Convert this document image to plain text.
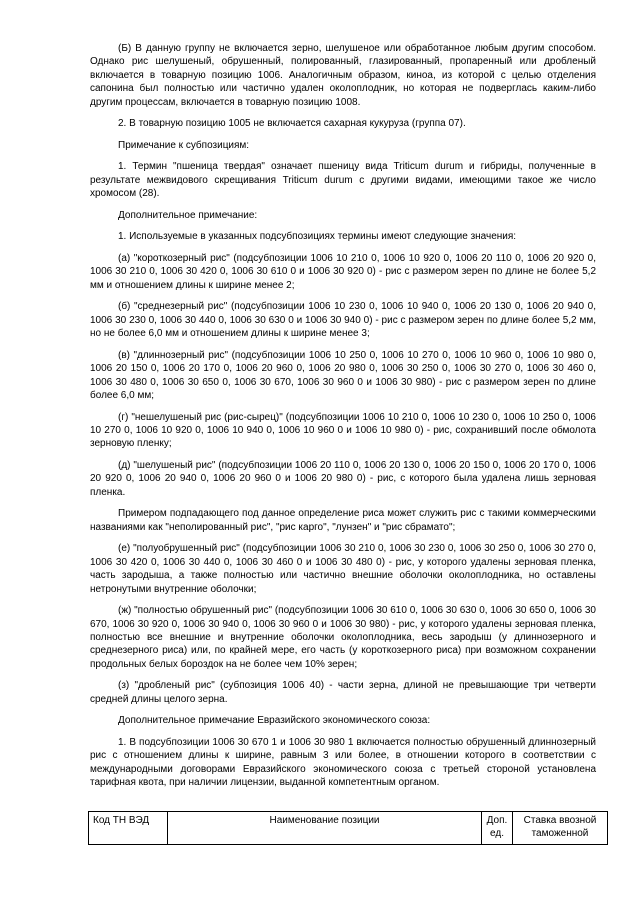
(Б) В данную группу не включается зерно, шелушеное или обработанное любым другим способом. Однако рис шелушеный, обрушенный, полированный, глазированный, пропаренный или дробленый включается в товарную позицию 1006. Аналогичным образом, киноа, из которой с целью отделения сапонина был полностью или частично удален околоплодник, но которая не подверглась каким-либо другим процессам, включается в товарную позицию 1008.

2. В товарную позицию 1005 не включается сахарная кукуруза (группа 07).

Примечание к субпозициям:

1. Термин "пшеница твердая" означает пшеницу вида Triticum durum и гибриды, полученные в результате межвидового скрещивания Triticum durum с другими видами, имеющими такое же число хромосом (28).

Дополнительное примечание:

1. Используемые в указанных подсубпозициях термины имеют следующие значения:

(а) "короткозерный рис" (подсубпозиции 1006 10 210 0, 1006 10 920 0, 1006 20 110 0, 1006 20 920 0, 1006 30 210 0, 1006 30 420 0, 1006 30 610 0 и 1006 30 920 0) - рис с размером зерен по длине не более 5,2 мм и отношением длины к ширине менее 2;

(б) "среднезерный рис" (подсубпозиции 1006 10 230 0, 1006 10 940 0, 1006 20 130 0, 1006 20 940 0, 1006 30 230 0, 1006 30 440 0, 1006 30 630 0 и 1006 30 940 0) - рис с размером зерен по длине более 5,2 мм, но не более 6,0 мм и отношением длины к ширине менее 3;

(в) "длиннозерный рис" (подсубпозиции 1006 10 250 0, 1006 10 270 0, 1006 10 960 0, 1006 10 980 0, 1006 20 150 0, 1006 20 170 0, 1006 20 960 0, 1006 20 980 0, 1006 30 250 0, 1006 30 270 0, 1006 30 460 0, 1006 30 480 0, 1006 30 650 0, 1006 30 670, 1006 30 960 0 и 1006 30 980) - рис с размером зерен по длине более 6,0 мм;

(г) "нешелушеный рис (рис-сырец)" (подсубпозиции 1006 10 210 0, 1006 10 230 0, 1006 10 250 0, 1006 10 270 0, 1006 10 920 0, 1006 10 940 0, 1006 10 960 0 и 1006 10 980 0) - рис, сохранивший после обмолота зерновую пленку;

(д) "шелушеный рис" (подсубпозиции 1006 20 110 0, 1006 20 130 0, 1006 20 150 0, 1006 20 170 0, 1006 20 920 0, 1006 20 940 0, 1006 20 960 0 и 1006 20 980 0) - рис, с которого была удалена лишь зерновая пленка.

Примером подпадающего под данное определение риса может служить рис с такими коммерческими названиями как "неполированный рис", "рис карго", "лунзен" и "рис сбрамато";

(е) "полуобрушенный рис" (подсубпозиции 1006 30 210 0, 1006 30 230 0, 1006 30 250 0, 1006 30 270 0, 1006 30 420 0, 1006 30 440 0, 1006 30 460 0 и 1006 30 480 0) - рис, у которого удалены зерновая пленка, часть зародыша, а также полностью или частично внешние оболочки околоплодника, но оставлены нетронутыми внутренние оболочки;

(ж) "полностью обрушенный рис" (подсубпозиции 1006 30 610 0, 1006 30 630 0, 1006 30 650 0, 1006 30 670, 1006 30 920 0, 1006 30 940 0, 1006 30 960 0 и 1006 30 980) - рис, у которого удалены зерновая пленка, полностью все внешние и внутренние оболочки околоплодника, весь зародыш (у длиннозерного и среднезерного риса) или, по крайней мере, его часть (у короткозерного риса) при возможном сохранении продольных белых бороздок на не более чем 10% зерен;

(з) "дробленый рис" (субпозиция 1006 40) - части зерна, длиной не превышающие три четверти средней длины целого зерна.

Дополнительное примечание Евразийского экономического союза:

1. В подсубпозиции 1006 30 670 1 и 1006 30 980 1 включается полностью обрушенный длиннозерный рис с отношением длины к ширине, равным 3 или более, в отношении которого в соответствии с международными договорами Евразийского экономического союза с третьей стороной установлена тарифная квота, при наличии лицензии, выданной компетентным органом.

Код ТН ВЭД	Наименование позиции	Доп. ед.	Ставка ввозной таможенной
